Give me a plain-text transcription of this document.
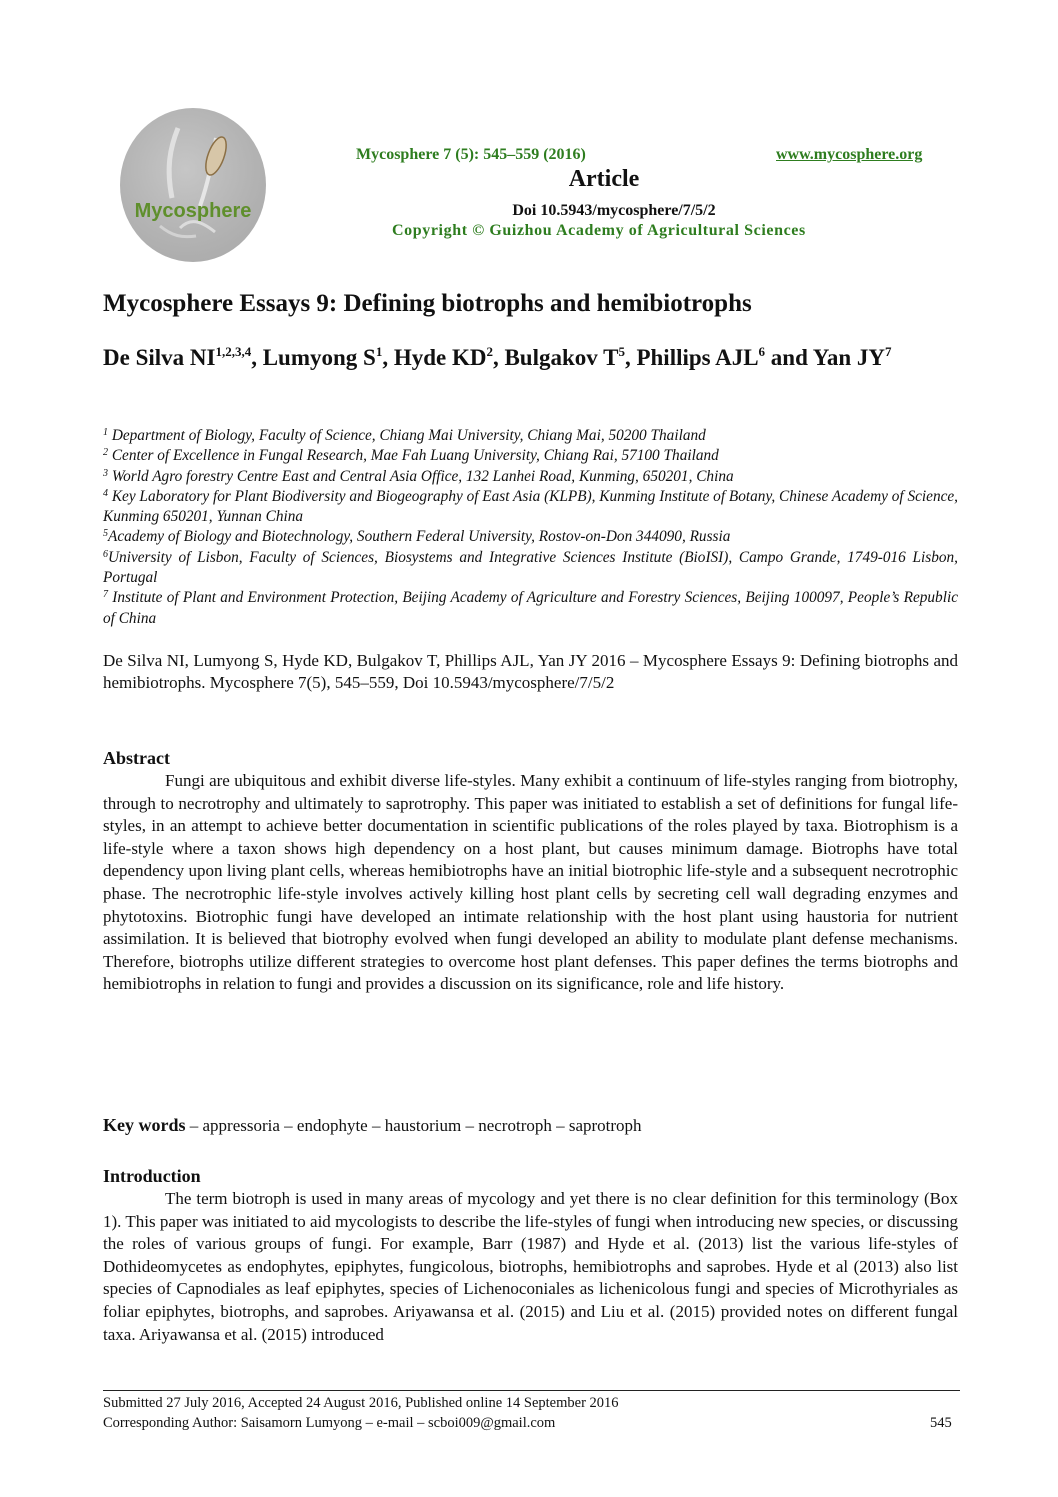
Mycosphere
Mycosphere 7 (5): 545–559 (2016)	www.mycosphere.org
Article
Doi 10.5943/mycosphere/7/5/2
Copyright © Guizhou Academy of Agricultural Sciences
Mycosphere Essays 9: Defining biotrophs and hemibiotrophs
De Silva NI$^{1,2,3,4}$, Lumyong $S^1$, Hyde $KD^2$, Bulgakov $T^5$, Phillips AJL$^6$ and Yan $JY^7$

$^1$ Department of Biology, Faculty of Science, Chiang Mai University, Chiang Mai, 50200 Thailand

$^2$ Center of Excellence in Fungal Research, Mae Fah Luang University, Chiang Rai, 57100 Thailand

$^3$ World Agro forestry Centre East and Central Asia Office, 132 Lanhei Road, Kunming, 650201, China

$^4$ Key Laboratory for Plant Biodiversity and Biogeography of East Asia (KLPB), Kunming Institute of Botany, Chinese Academy of Science, Kunming 650201, Yunnan China

$^5$Academy of Biology and Biotechnology, Southern Federal University, Rostov-on-Don 344090, Russia

$^6$University of Lisbon, Faculty of Sciences, Biosystems and Integrative Sciences Institute (BioISI), Campo Grande, 1749-016 Lisbon, Portugal

$^7$ Institute of Plant and Environment Protection, Beijing Academy of Agriculture and Forestry Sciences, Beijing 100097, People’s Republic of China

De Silva NI, Lumyong S, Hyde KD, Bulgakov T, Phillips AJL, Yan JY 2016 – Mycosphere Essays 9: Defining biotrophs and hemibiotrophs. Mycosphere 7(5), 545–559, Doi 10.5943/mycosphere/7/5/2
Abstract

Fungi are ubiquitous and exhibit diverse life-styles. Many exhibit a continuum of life-styles ranging from biotrophy, through to necrotrophy and ultimately to saprotrophy. This paper was initiated to establish a set of definitions for fungal life-styles, in an attempt to achieve better documentation in scientific publications of the roles played by taxa. Biotrophism is a life-style where a taxon shows high dependency on a host plant, but causes minimum damage. Biotrophs have total dependency upon living plant cells, whereas hemibiotrophs have an initial biotrophic life-style and a subsequent necrotrophic phase. The necrotrophic life-style involves actively killing host plant cells by secreting cell wall degrading enzymes and phytotoxins. Biotrophic fungi have developed an intimate relationship with the host plant using haustoria for nutrient assimilation. It is believed that biotrophy evolved when fungi developed an ability to modulate plant defense mechanisms. Therefore, biotrophs utilize different strategies to overcome host plant defenses. This paper defines the terms biotrophs and hemibiotrophs in relation to fungi and provides a discussion on its significance, role and life history.

Key words – appressoria – endophyte – haustorium – necrotroph – saprotroph
Introduction

The term biotroph is used in many areas of mycology and yet there is no clear definition for this terminology (Box 1). This paper was initiated to aid mycologists to describe the life-styles of fungi when introducing new species, or discussing the roles of various groups of fungi. For example, Barr (1987) and Hyde et al. (2013) list the various life-styles of Dothideomycetes as endophytes, epiphytes, fungicolous, biotrophs, hemibiotrophs and saprobes. Hyde et al (2013) also list species of Capnodiales as leaf epiphytes, species of Lichenoconiales as lichenicolous fungi and species of Microthyriales as foliar epiphytes, biotrophs, and saprobes. Ariyawansa et al. (2015) and Liu et al. (2015) provided notes on different fungal taxa. Ariyawansa et al. (2015) introduced

Submitted 27 July 2016, Accepted 24 August 2016, Published online 14 September 2016
Corresponding Author: Saisamorn Lumyong – e-mail – scboi009@gmail.com	545
